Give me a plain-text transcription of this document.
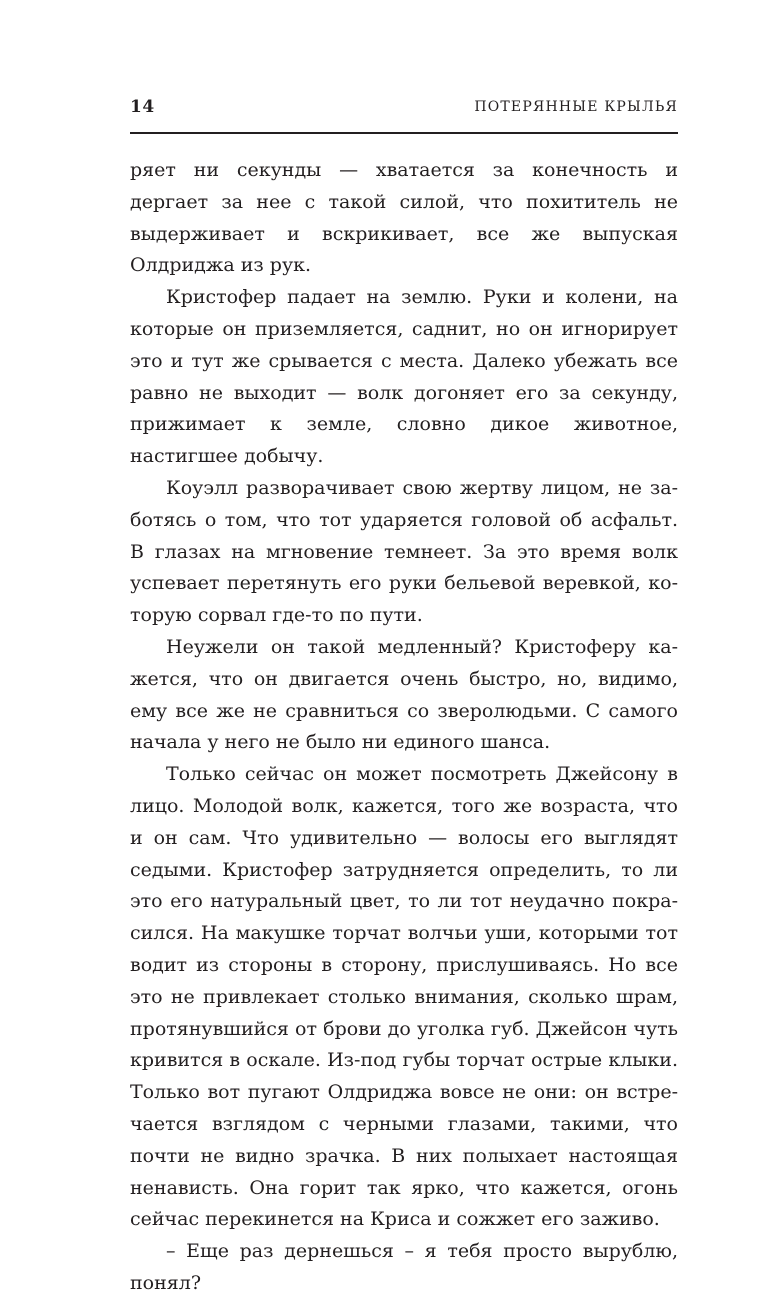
14	ПОТЕРЯННЫЕ КРЫЛЬЯ

ряет ни секунды — хватается за конечность и дергает за нее с такой силой, что похититель не выдерживает и вскрикивает, все же выпуская Олдриджа из рук.

Кристофер падает на землю. Руки и колени, на которые он приземляется, саднит, но он игнорирует это и тут же срывается с места. Далеко убежать все равно не выходит — волк догоняет его за секунду, прижимает к земле, словно дикое животное, настигшее добычу.

Коуэлл разворачивает свою жертву лицом, не заботясь о том, что тот ударяется головой об асфальт. В глазах на мгновение темнеет. За это время волк успевает перетянуть его руки бельевой веревкой, которую сорвал где-то по пути.

Неужели он такой медленный? Кристоферу кажется, что он двигается очень быстро, но, видимо, ему все же не сравниться со зверолюдьми. С самого начала у него не было ни единого шанса.

Только сейчас он может посмотреть Джейсону в лицо. Молодой волк, кажется, того же возраста, что и он сам. Что удивительно — волосы его выглядят седыми. Кристофер затрудняется определить, то ли это его натуральный цвет, то ли тот неудачно покрасился. На макушке торчат волчьи уши, которыми тот водит из стороны в сторону, прислушиваясь. Но все это не привлекает столько внимания, сколько шрам, протянувшийся от брови до уголка губ. Джейсон чуть кривится в оскале. Из-под губы торчат острые клыки. Только вот пугают Олдриджа вовсе не они: он встречается взглядом с черными глазами, такими, что почти не видно зрачка. В них полыхает настоящая ненависть. Она горит так ярко, что кажется, огонь сейчас перекинется на Криса и сожжет его заживо.

– Еще раз дернешься – я тебя просто вырублю, понял?
